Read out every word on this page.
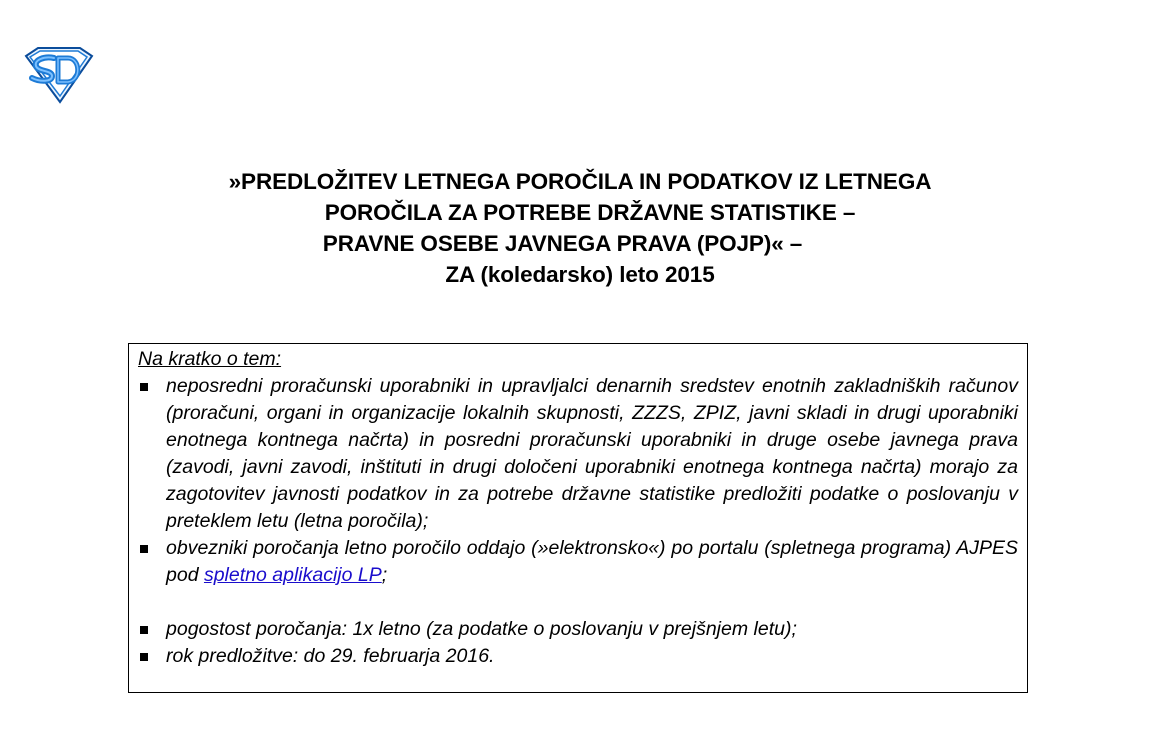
»PREDLOŽITEV LETNEGA POROČILA IN PODATKOV IZ LETNEGA
POROČILA ZA POTREBE DRŽAVNE STATISTIKE –
PRAVNE OSEBE JAVNEGA PRAVA (POJP)« –
ZA (koledarsko) leto 2015
Na kratko o tem:
neposredni proračunski uporabniki in upravljalci denarnih sredstev enotnih zakladniških računov (proračuni, organi in organizacije lokalnih skupnosti, ZZZS, ZPIZ, javni skladi in drugi uporabniki enotnega kontnega načrta) in posredni proračunski uporabniki in druge osebe javnega prava (zavodi, javni zavodi, inštituti in drugi določeni uporabniki enotnega kontnega načrta) morajo za zagotovitev javnosti podatkov in za potrebe državne statistike predložiti podatke o poslovanju v preteklem letu (letna poročila);
obvezniki poročanja letno poročilo oddajo (»elektronsko«) po portalu (spletnega programa) AJPES pod spletno aplikacijo LP;
pogostost poročanja: 1x letno (za podatke o poslovanju v prejšnjem letu);
rok predložitve: do 29. februarja 2016.
